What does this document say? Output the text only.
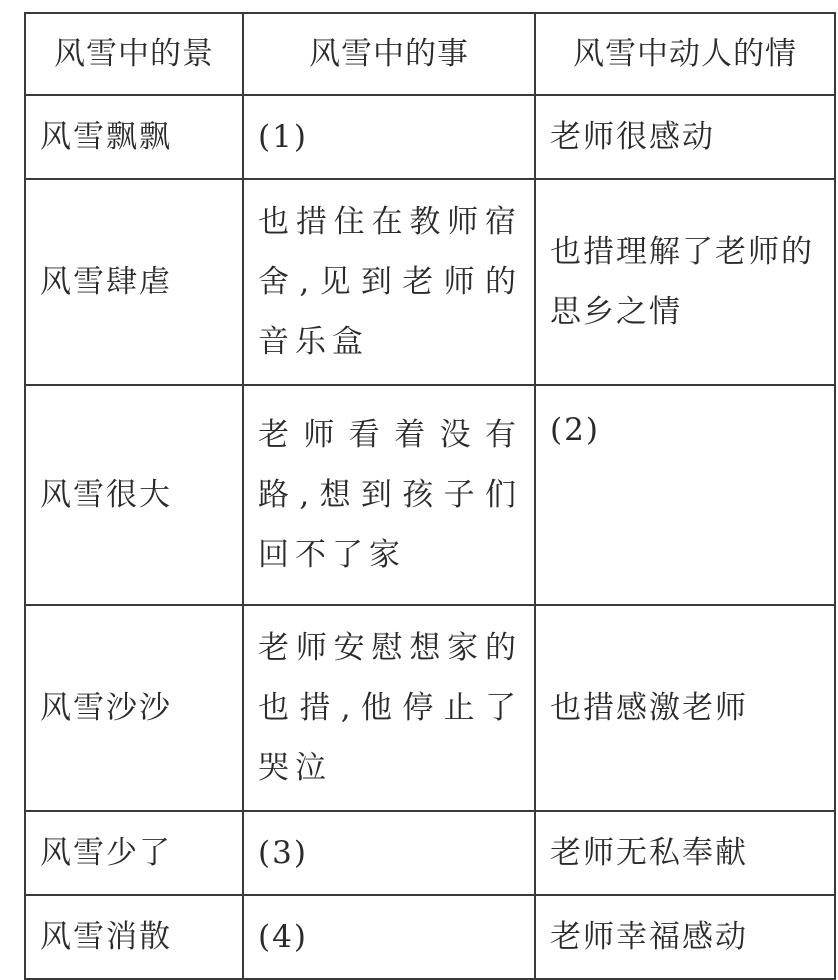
风雪中的景	风雪中的事	风雪中动人的情
风雪飘飘	(1)	老师很感动
风雪肆虐	也措住在教师宿舍,见到老师的音乐盒	也措理解了老师的思乡之情
风雪很大	老师看着没有路,想到孩子们回不了家	(2)
风雪沙沙	老师安慰想家的也措,他停止了哭泣	也措感激老师
风雪少了	(3)	老师无私奉献
风雪消散	(4)	老师幸福感动
